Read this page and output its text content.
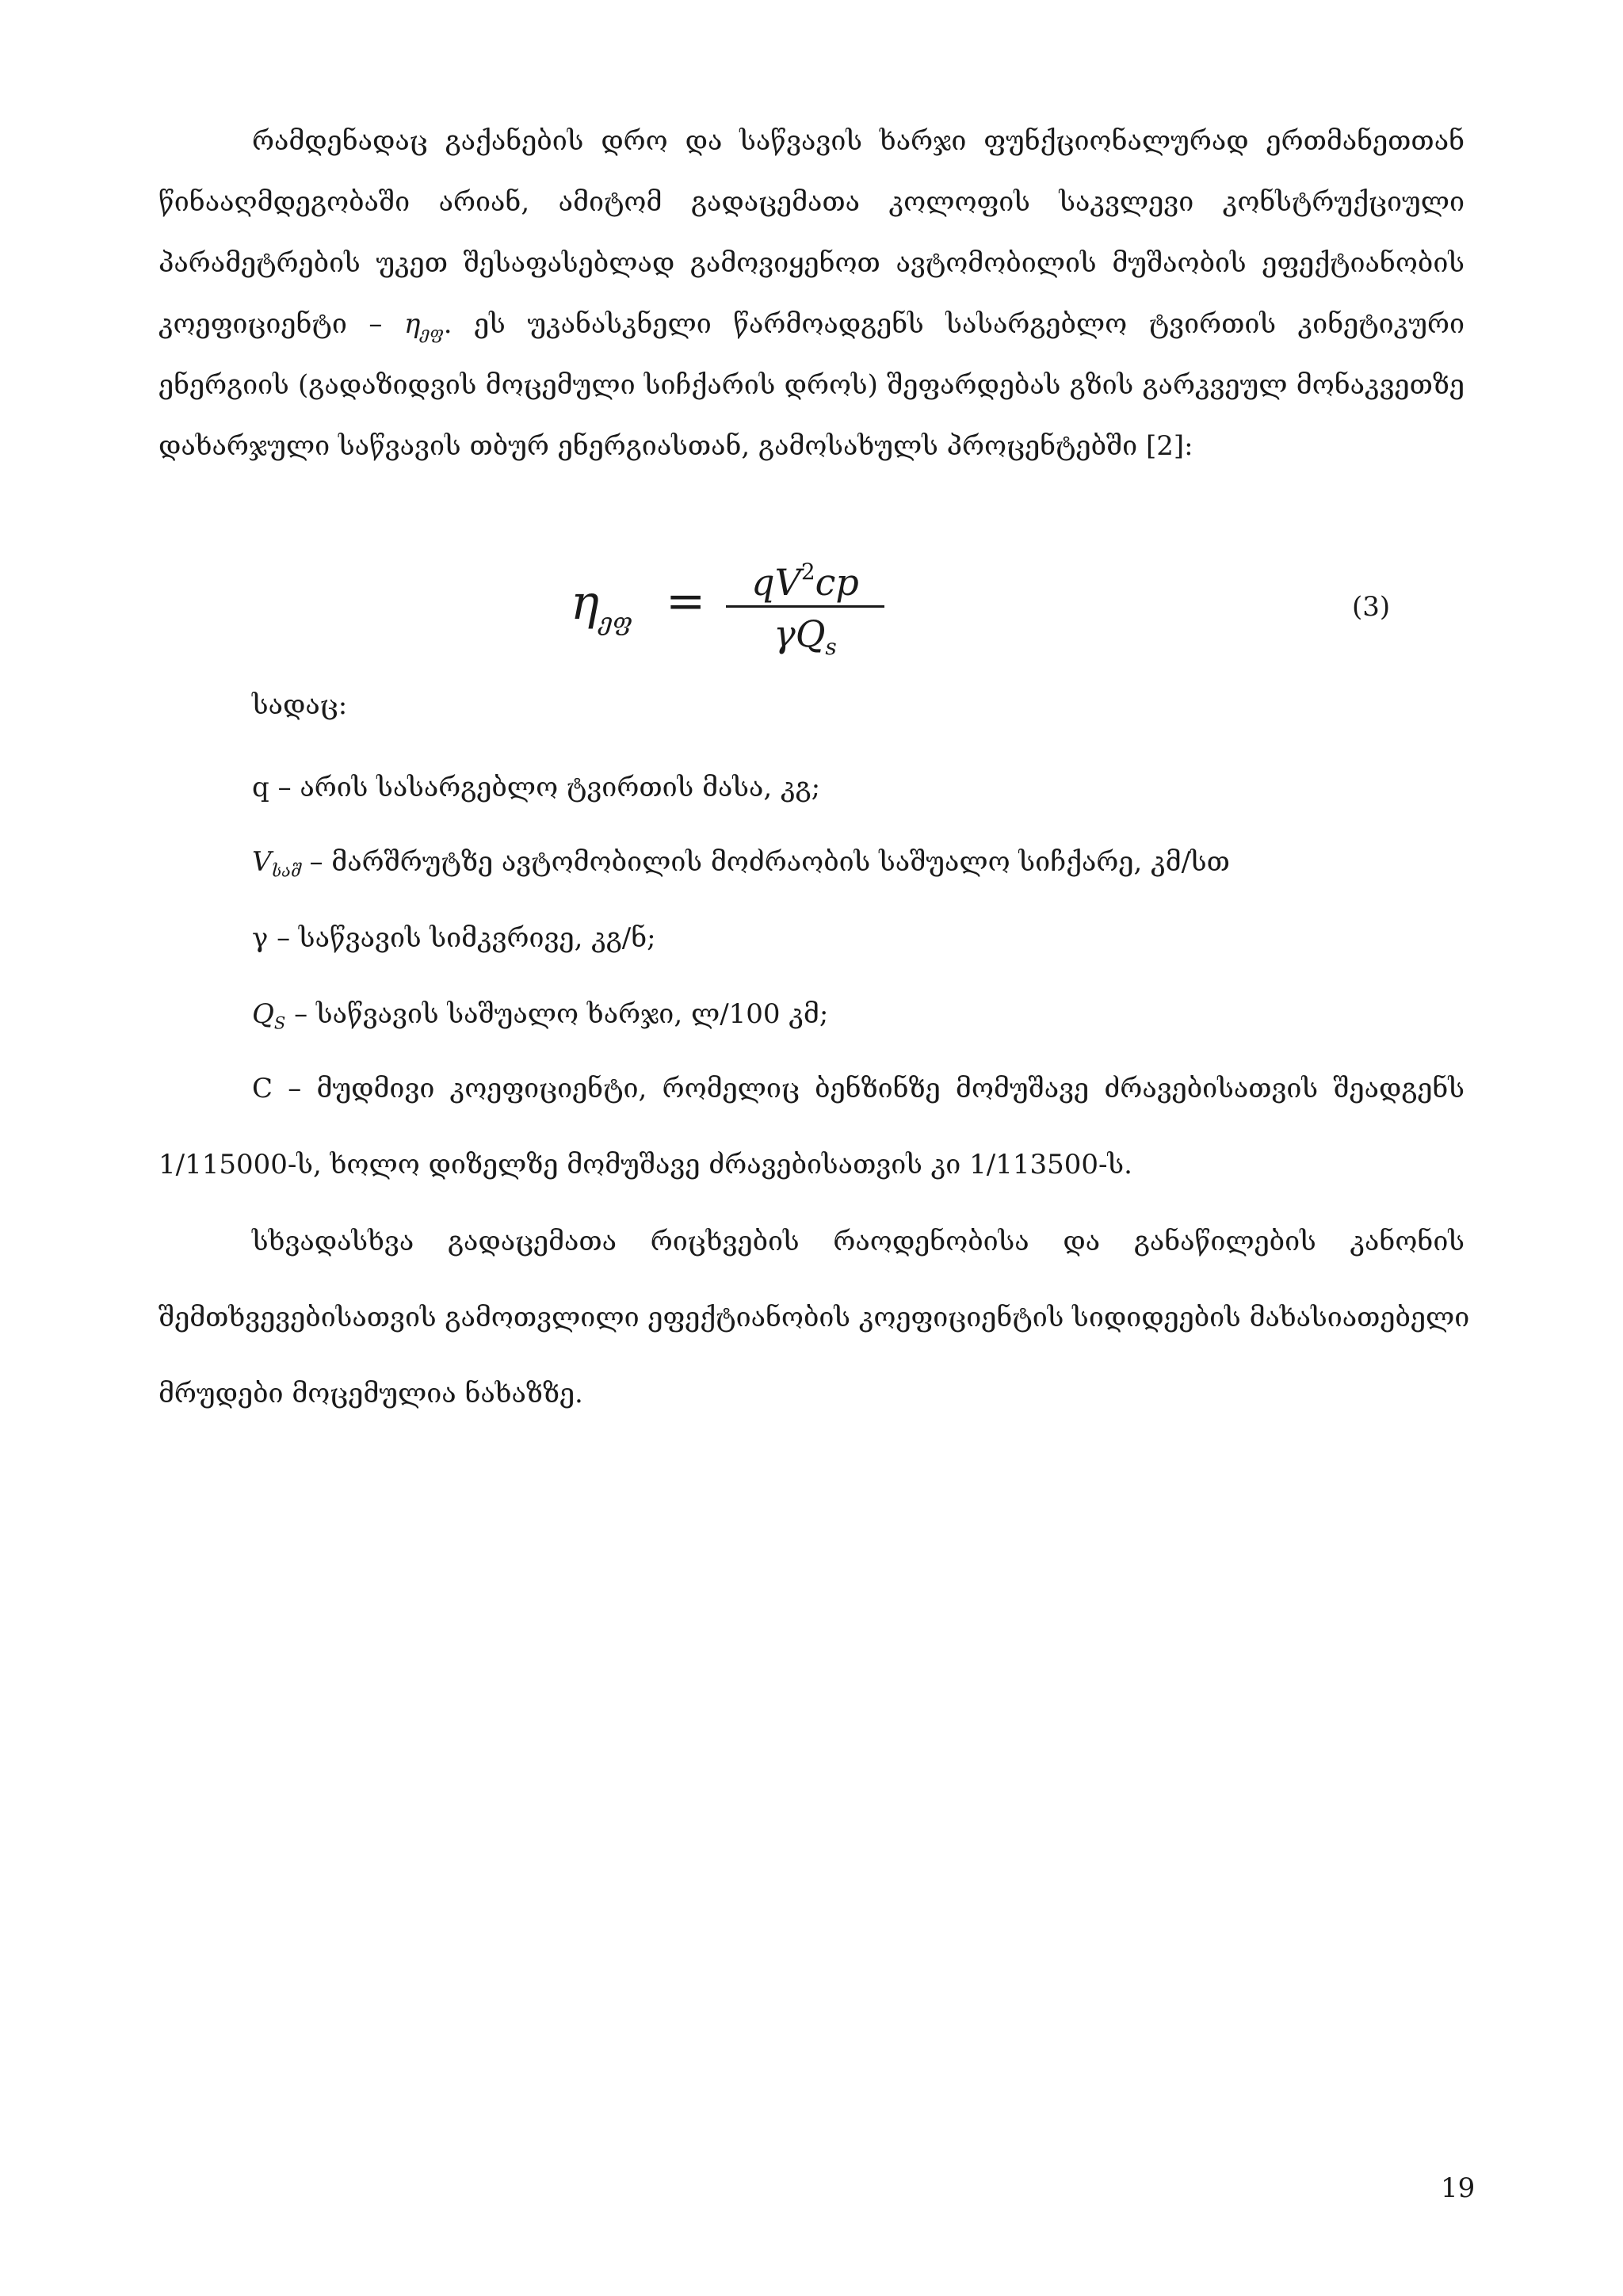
რამდენადაც გაქანების დრო და საწვავის ხარჯი ფუნქციონალურად ერთმანეთთან
წინააღმდეგობაში არიან, ამიტომ გადაცემათა კოლოფის საკვლევი კონსტრუქციული
პარამეტრების უკეთ შესაფასებლად გამოვიყენოთ ავტომობილის მუშაობის ეფექტიანობის
კოეფიციენტი – $\eta_{ეფ}$. ეს უკანასკნელი წარმოადგენს სასარგებლო ტვირთის კინეტიკური
ენერგიის (გადაზიდვის მოცემული სიჩქარის დროს) შეფარდებას გზის გარკვეულ მონაკვეთზე
დახარჯული საწვავის თბურ ენერგიასთან, გამოსახულს პროცენტებში [2]:
$\eta_{ეფ}$ =	$qV^2cp$
$\gamma Q_s$
(3)
სადაც:
q – არის სასარგებლო ტვირთის მასა, კგ;
$V_{საშ}$ – მარშრუტზე ავტომობილის მოძრაობის საშუალო სიჩქარე, კმ/სთ
γ – საწვავის სიმკვრივე, კგ/ნ;
$Q_S$ – საწვავის საშუალო ხარჯი, ლ/100 კმ;
C – მუდმივი კოეფიციენტი, რომელიც ბენზინზე მომუშავე ძრავებისათვის შეადგენს
1/115000-ს, ხოლო დიზელზე მომუშავე ძრავებისათვის კი 1/113500-ს.
სხვადასხვა გადაცემათა რიცხვების რაოდენობისა და განაწილების კანონის
შემთხვევებისათვის გამოთვლილი ეფექტიანობის კოეფიციენტის სიდიდეების მახასიათებელი
მრუდები მოცემულია ნახაზზე.
19
